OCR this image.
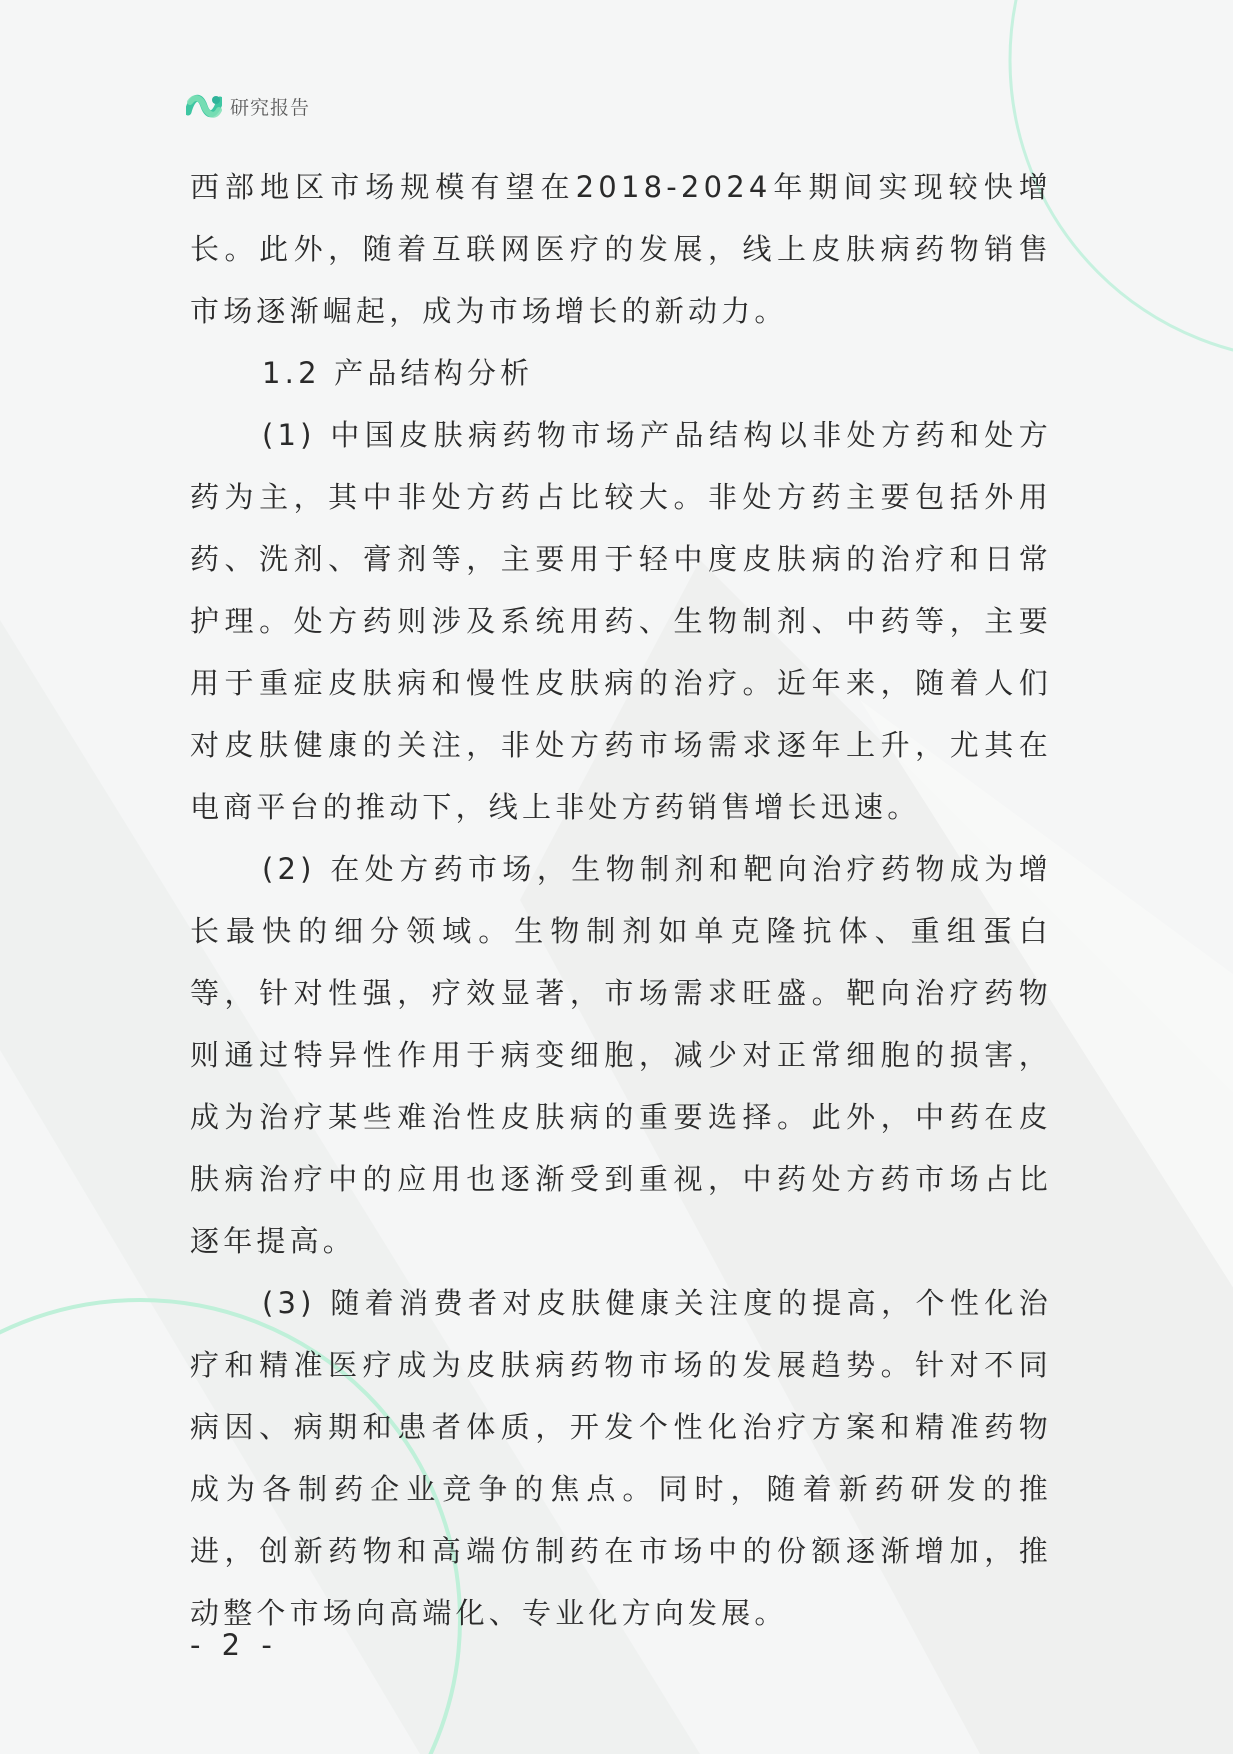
研究报告

西部地区市场规模有望在2018-2024年期间实现较快增长。此外，随着互联网医疗的发展，线上皮肤病药物销售市场逐渐崛起，成为市场增长的新动力。

1.2 产品结构分析

(1) 中国皮肤病药物市场产品结构以非处方药和处方药为主，其中非处方药占比较大。非处方药主要包括外用药、洗剂、膏剂等，主要用于轻中度皮肤病的治疗和日常护理。处方药则涉及系统用药、生物制剂、中药等，主要用于重症皮肤病和慢性皮肤病的治疗。近年来，随着人们对皮肤健康的关注，非处方药市场需求逐年上升，尤其在电商平台的推动下，线上非处方药销售增长迅速。

(2) 在处方药市场，生物制剂和靶向治疗药物成为增长最快的细分领域。生物制剂如单克隆抗体、重组蛋白等，针对性强，疗效显著，市场需求旺盛。靶向治疗药物则通过特异性作用于病变细胞，减少对正常细胞的损害，成为治疗某些难治性皮肤病的重要选择。此外，中药在皮肤病治疗中的应用也逐渐受到重视，中药处方药市场占比逐年提高。

(3) 随着消费者对皮肤健康关注度的提高，个性化治疗和精准医疗成为皮肤病药物市场的发展趋势。针对不同病因、病期和患者体质，开发个性化治疗方案和精准药物成为各制药企业竞争的焦点。同时，随着新药研发的推进，创新药物和高端仿制药在市场中的份额逐渐增加，推动整个市场向高端化、专业化方向发展。

- 2 -
